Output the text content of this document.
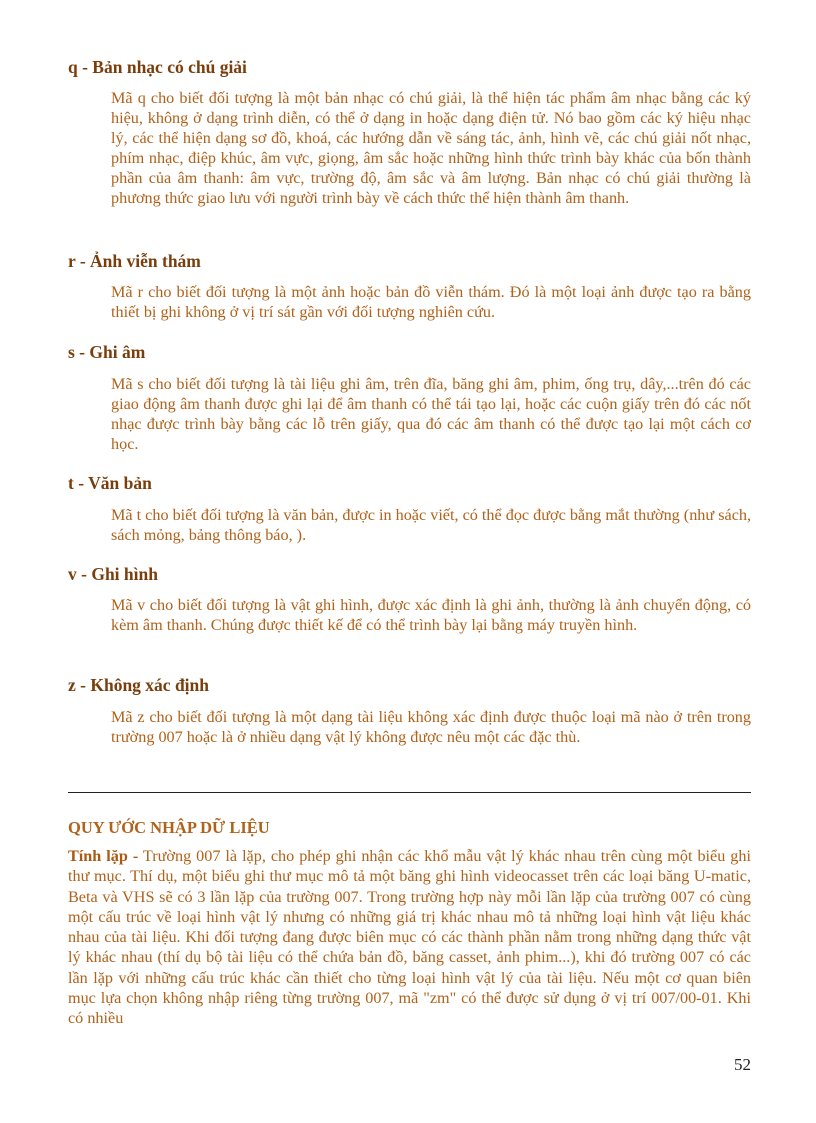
q - Bản nhạc có chú giải
Mã q cho biết đối tượng là một bản nhạc có chú giải, là thể hiện tác phẩm âm nhạc bằng các ký hiệu, không ở dạng trình diễn, có thể ở dạng in hoặc dạng điện tử. Nó bao gồm các ký hiệu nhạc lý, các thể hiện dạng sơ đồ, khoá, các hướng dẫn về sáng tác, ảnh, hình vẽ, các chú giải nốt nhạc, phím nhạc, điệp khúc, âm vực, giọng, âm sắc hoặc những hình thức trình bày khác của bốn thành phần của âm thanh: âm vực, trường độ, âm sắc và âm lượng. Bản nhạc có chú giải thường là phương thức giao lưu với người trình bày về cách thức thể hiện thành âm thanh.
r - Ảnh viễn thám
Mã r cho biết đối tượng là một ảnh hoặc bản đồ viễn thám. Đó là một loại ảnh được tạo ra bằng thiết bị ghi không ở vị trí sát gần với đối tượng nghiên cứu.
s - Ghi âm
Mã s cho biết đối tượng là tài liệu ghi âm, trên đĩa, băng ghi âm, phim, ống trụ, dây,...trên đó các giao động âm thanh được ghi lại để âm thanh có thể tái tạo lại, hoặc các cuộn giấy trên đó các nốt nhạc được trình bày bằng các lỗ trên giấy, qua đó các âm thanh có thể được tạo lại một cách cơ học.
t - Văn bản
Mã t cho biết đối tượng là văn bản, được in hoặc viết, có thể đọc được bằng mắt thường (như sách, sách mỏng, bảng thông báo, ).
v - Ghi hình
Mã v cho biết đối tượng là vật ghi hình, được xác định là ghi ảnh, thường là ảnh chuyển động, có kèm âm thanh. Chúng được thiết kế để có thể trình bày lại bằng máy truyền hình.
z - Không xác định
Mã z cho biết đối tượng là một dạng tài liệu không xác định được thuộc loại mã nào ở trên trong trường 007 hoặc là ở nhiều dạng vật lý không được nêu một các đặc thù.
QUY ƯỚC NHẬP DỮ LIỆU
Tính lặp - Trường 007 là lặp, cho phép ghi nhận các khổ mẫu vật lý khác nhau trên cùng một biểu ghi thư mục. Thí dụ, một biểu ghi thư mục mô tả một băng ghi hình videocasset trên các loại băng U-matic, Beta và VHS sẽ có 3 lần lặp của trường 007. Trong trường hợp này mỗi lần lặp của trường 007 có cùng một cấu trúc về loại hình vật lý nhưng có những giá trị khác nhau mô tả những loại hình vật liệu khác nhau của tài liệu. Khi đối tượng đang được biên mục có các thành phần nằm trong những dạng thức vật lý khác nhau (thí dụ bộ tài liệu có thể chứa bản đồ, băng casset, ảnh phim...), khi đó trường 007 có các lần lặp với những cấu trúc khác cần thiết cho từng loại hình vật lý của tài liệu. Nếu một cơ quan biên mục lựa chọn không nhập riêng từng trường 007, mã "zm" có thể được sử dụng ở vị trí 007/00-01. Khi có nhiều
52
